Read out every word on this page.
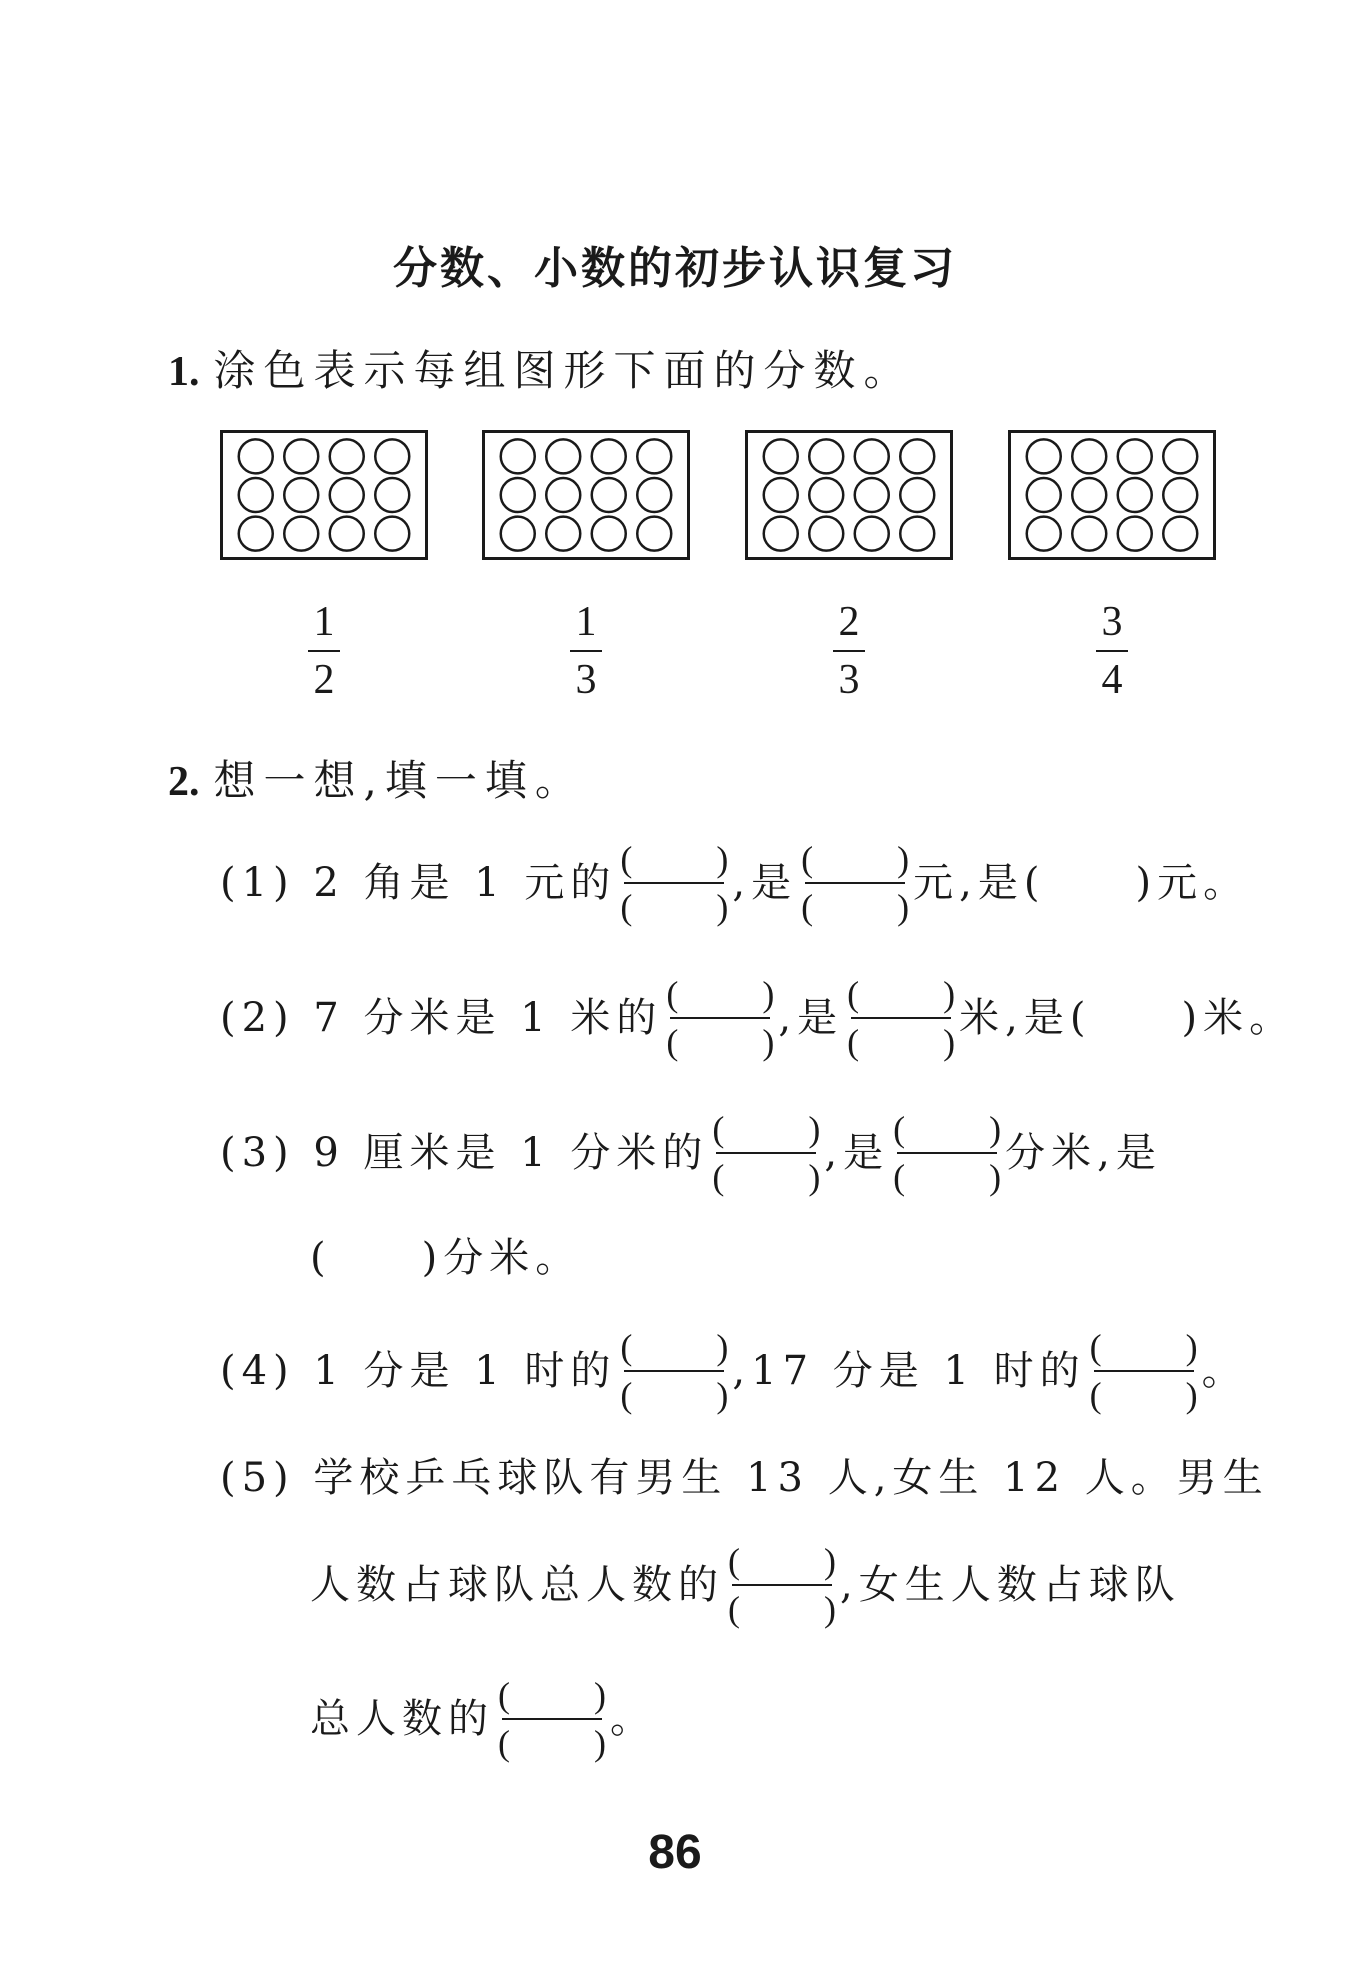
分数、小数的初步认识复习
1. 涂色表示每组图形下面的分数。
1
2
1
3
2
3
3
4
2. 想一想,填一填。
(1) 2 角是 1 元的
( )
( )
,是
( )
( )
元,是( )元。
(2) 7 分米是 1 米的
( )
( )
,是
( )
( )
米,是( )米。
(3) 9 厘米是 1 分米的
( )
( )
,是
( )
( )
分米,是
( )分米。
(4) 1 分是 1 时的
( )
( )
,17 分是 1 时的
( )
( )
。
(5) 学校乒乓球队有男生 13 人,女生 12 人。男生
人数占球队总人数的
( )
( )
,女生人数占球队
总人数的
( )
( )
。
86
